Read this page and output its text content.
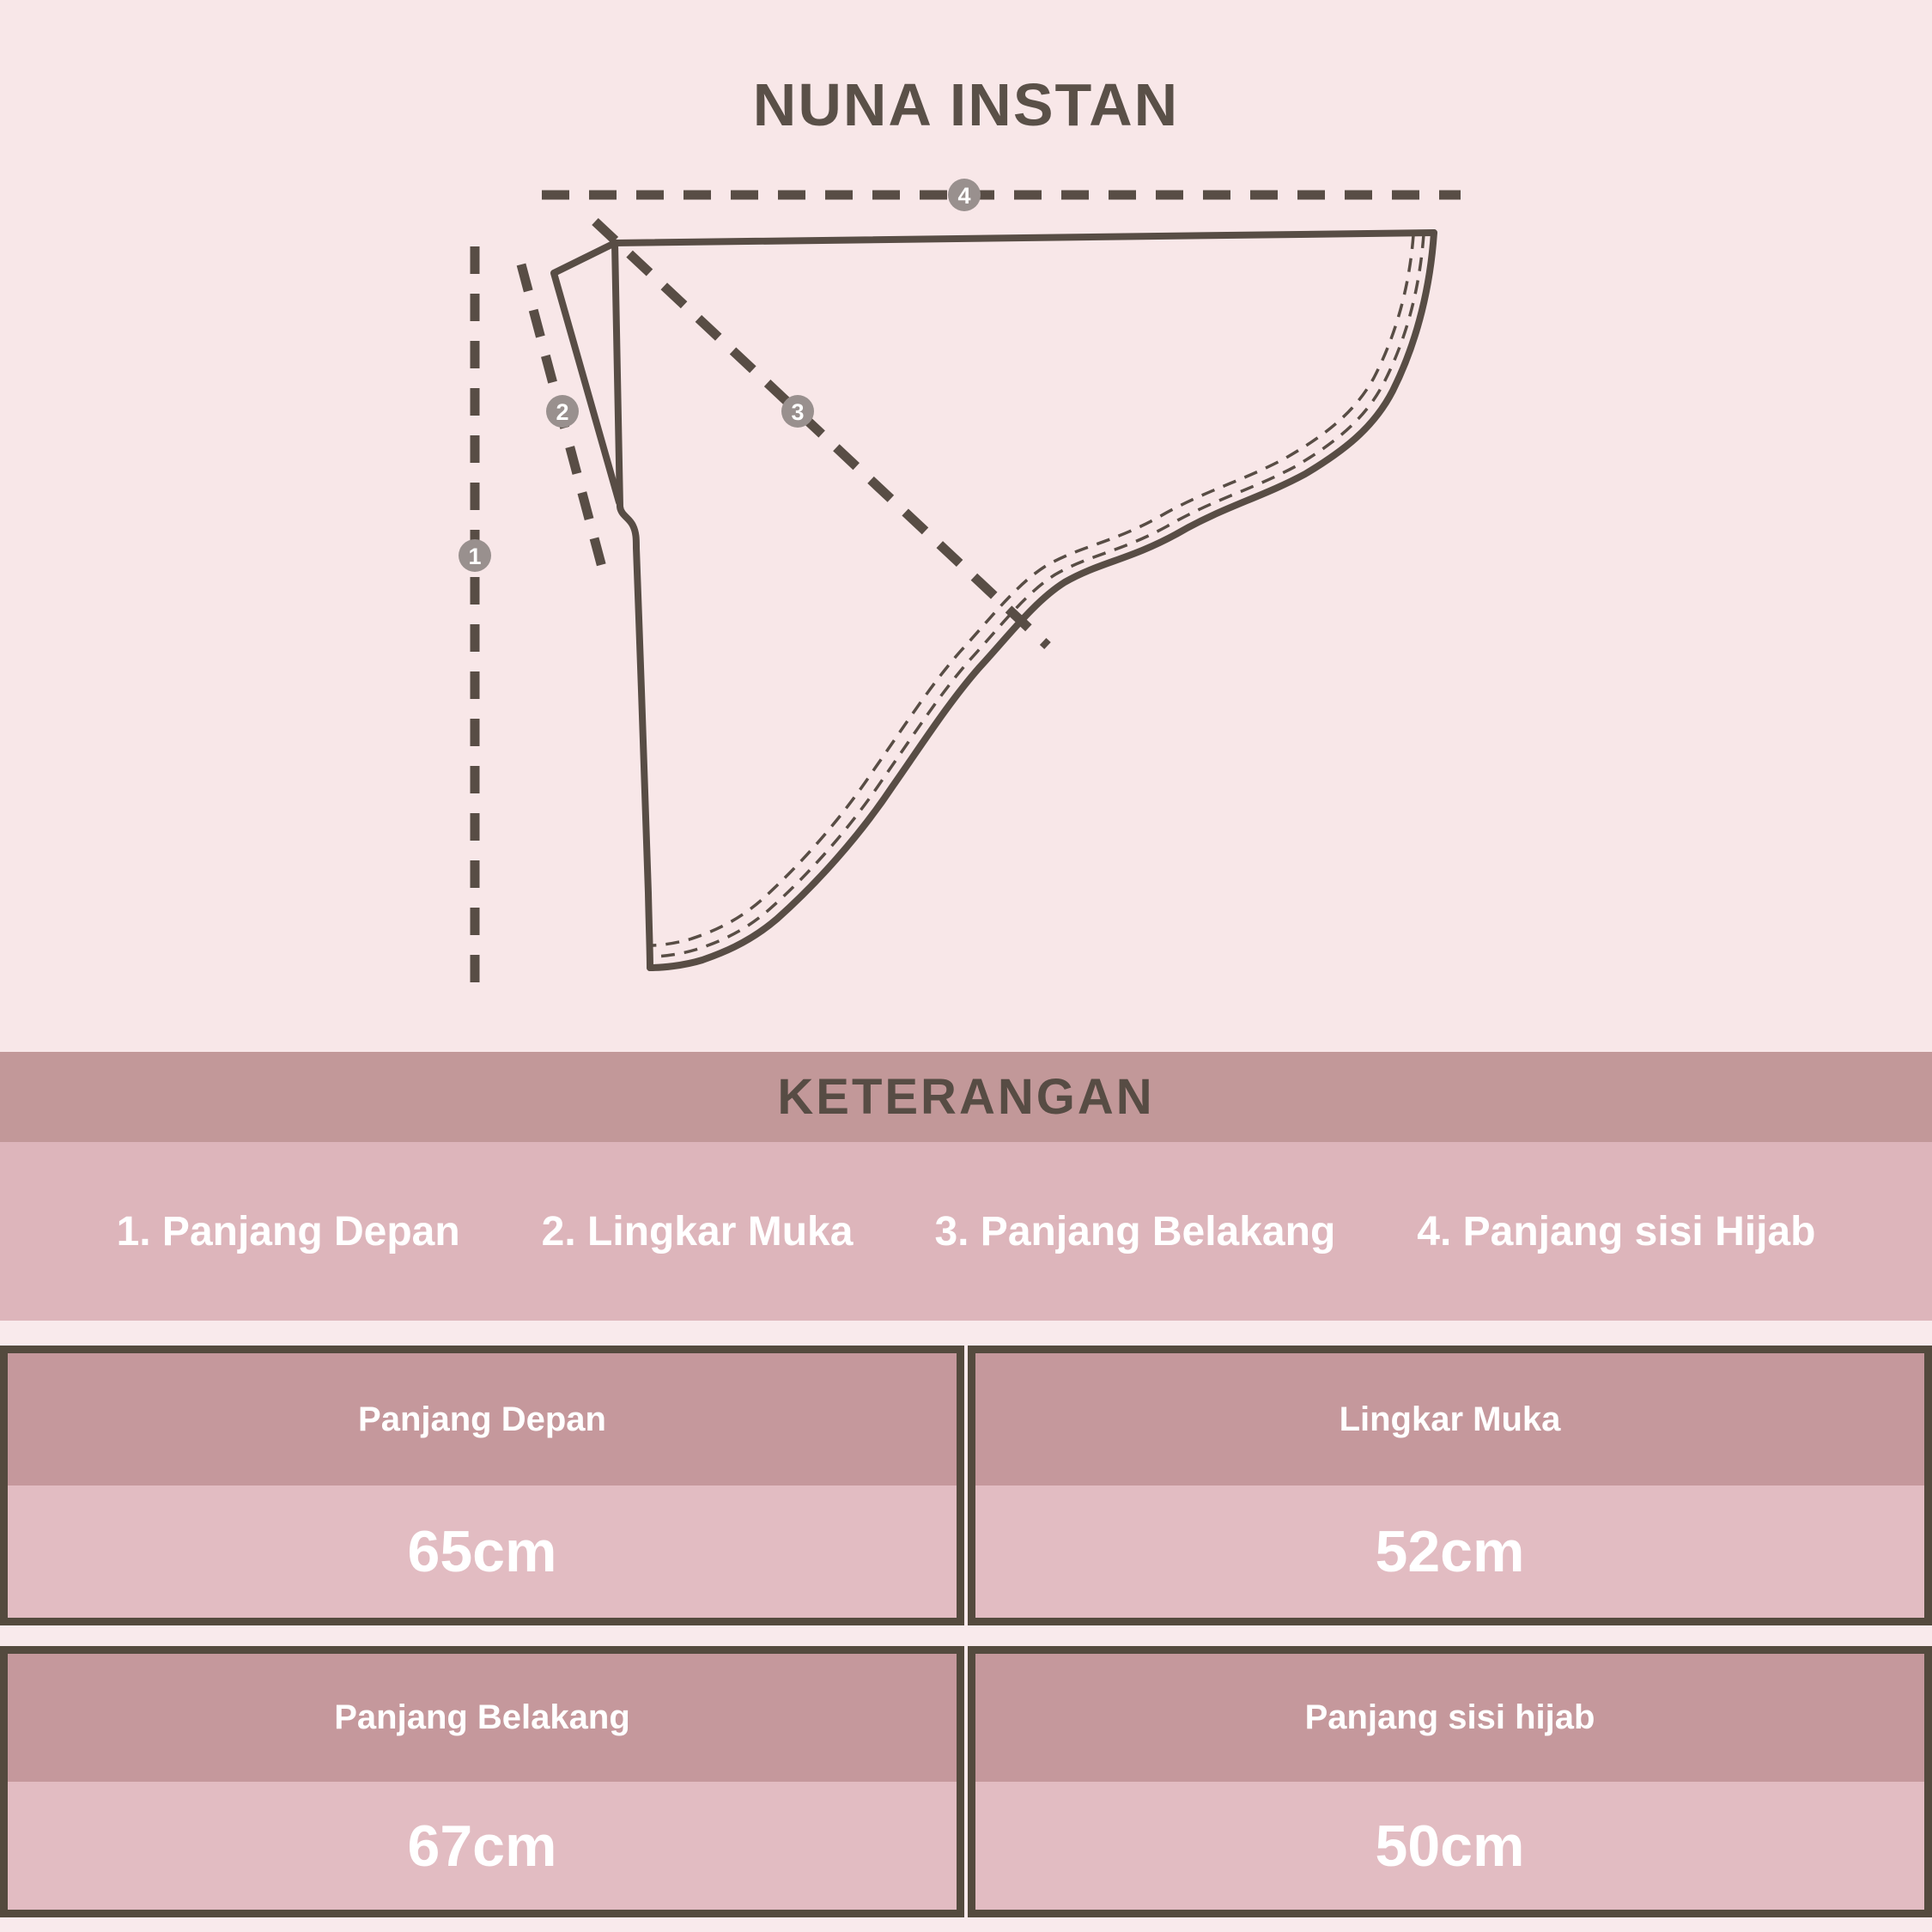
NUNA INSTAN
1
2	3
4
KETERANGAN
1. Panjang Depan 2. Lingkar Muka 3. Panjang Belakang 4. Panjang sisi Hijab
Panjang Depan
65cm
Lingkar Muka
52cm
Panjang Belakang
67cm
Panjang sisi hijab
50cm
